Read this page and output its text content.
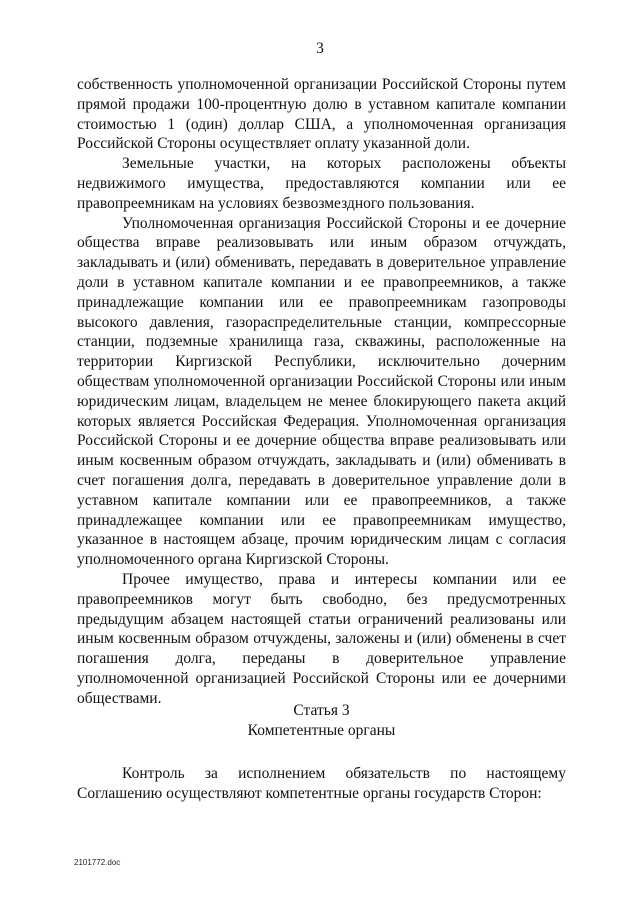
3

собственность уполномоченной организации Российской Стороны путем прямой продажи 100-процентную долю в уставном капитале компании стоимостью 1 (один) доллар США, а уполномоченная организация Российской Стороны осуществляет оплату указанной доли.

Земельные участки, на которых расположены объекты недвижимого имущества, предоставляются компании или ее правопреемникам на условиях безвозмездного пользования.

Уполномоченная организация Российской Стороны и ее дочерние общества вправе реализовывать или иным образом отчуждать, закладывать и (или) обменивать, передавать в доверительное управление доли в уставном капитале компании и ее правопреемников, а также принадлежащие компании или ее правопреемникам газопроводы высокого давления, газораспределительные станции, компрессорные станции, подземные хранилища газа, скважины, расположенные на территории Киргизской Республики, исключительно дочерним обществам уполномоченной организации Российской Стороны или иным юридическим лицам, владельцем не менее блокирующего пакета акций которых является Российская Федерация. Уполномоченная организация Российской Стороны и ее дочерние общества вправе реализовывать или иным косвенным образом отчуждать, закладывать и (или) обменивать в счет погашения долга, передавать в доверительное управление доли в уставном капитале компании или ее правопреемников, а также принадлежащее компании или ее правопреемникам имущество, указанное в настоящем абзаце, прочим юридическим лицам с согласия уполномоченного органа Киргизской Стороны.

Прочее имущество, права и интересы компании или ее правопреемников могут быть свободно, без предусмотренных предыдущим абзацем настоящей статьи ограничений реализованы или иным косвенным образом отчуждены, заложены и (или) обменены в счет погашения долга, переданы в доверительное управление уполномоченной организацией Российской Стороны или ее дочерними обществами.

Статья 3
Компетентные органы

Контроль за исполнением обязательств по настоящему Соглашению осуществляют компетентные органы государств Сторон:

2101772.doc
